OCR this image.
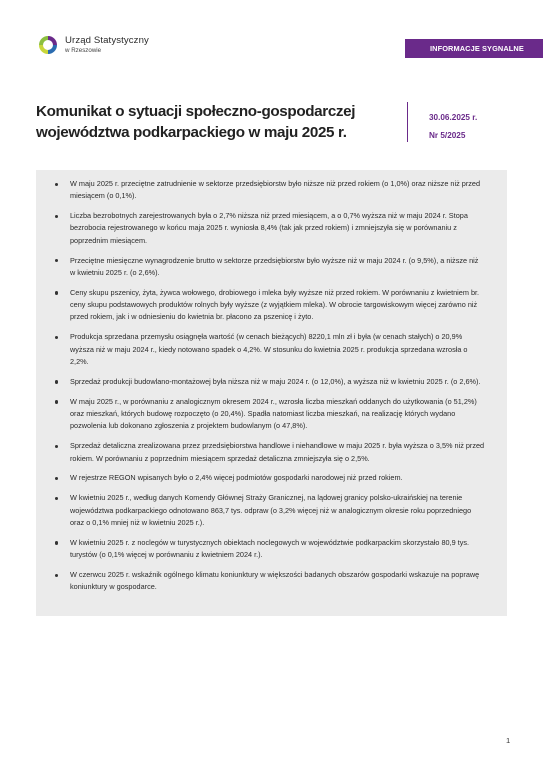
Urząd Statystyczny
w Rzeszowie	INFORMACJE SYGNALNE
Komunikat o sytuacji społeczno-gospodarczej
województwa podkarpackiego w maju 2025 r.
30.06.2025 r.
Nr 5/2025
W maju 2025 r. przeciętne zatrudnienie w sektorze przedsiębiorstw było niższe niż przed rokiem (o 1,0%) oraz niższe niż przed miesiącem (o 0,1%).
Liczba bezrobotnych zarejestrowanych była o 2,7% niższa niż przed miesiącem, a o 0,7% wyższa niż w maju 2024 r. Stopa bezrobocia rejestrowanego w końcu maja 2025 r. wyniosła 8,4% (tak jak przed rokiem) i zmniejszyła się w porównaniu z poprzednim miesiącem.
Przeciętne miesięczne wynagrodzenie brutto w sektorze przedsiębiorstw było wyższe niż w maju 2024 r. (o 9,5%), a niższe niż w kwietniu 2025 r. (o 2,6%).
Ceny skupu pszenicy, żyta, żywca wołowego, drobiowego i mleka były wyższe niż przed rokiem. W porównaniu z kwietniem br. ceny skupu podstawowych produktów rolnych były wyższe (z wyjątkiem mleka). W obrocie targowiskowym więcej zarówno niż przed rokiem, jak i w odniesieniu do kwietnia br. płacono za pszenicę i żyto.
Produkcja sprzedana przemysłu osiągnęła wartość (w cenach bieżących) 8220,1 mln zł i była (w cenach stałych) o 20,9% wyższa niż w maju 2024 r., kiedy notowano spadek o 4,2%. W stosunku do kwietnia 2025 r. produkcja sprzedana wzrosła o 2,2%.
Sprzedaż produkcji budowlano-montażowej była niższa niż w maju 2024 r. (o 12,0%), a wyższa niż w kwietniu 2025 r. (o 2,6%).
W maju 2025 r., w porównaniu z analogicznym okresem 2024 r., wzrosła liczba mieszkań oddanych do użytkowania (o 51,2%) oraz mieszkań, których budowę rozpoczęto (o 20,4%). Spadła natomiast liczba mieszkań, na realizację których wydano pozwolenia lub dokonano zgłoszenia z projektem budowlanym (o 47,8%).
Sprzedaż detaliczna zrealizowana przez przedsiębiorstwa handlowe i niehandlowe w maju 2025 r. była wyższa o 3,5% niż przed rokiem. W porównaniu z poprzednim miesiącem sprzedaż detaliczna zmniejszyła się o 2,5%.
W rejestrze REGON wpisanych było o 2,4% więcej podmiotów gospodarki narodowej niż przed rokiem.
W kwietniu 2025 r., według danych Komendy Głównej Straży Granicznej, na lądowej granicy polsko-ukraińskiej na terenie województwa podkarpackiego odnotowano 863,7 tys. odpraw (o 3,2% więcej niż w analogicznym okresie roku poprzedniego oraz o 0,1% mniej niż w kwietniu 2025 r.).
W kwietniu 2025 r. z noclegów w turystycznych obiektach noclegowych w województwie podkarpackim skorzystało 80,9 tys. turystów (o 0,1% więcej w porównaniu z kwietniem 2024 r.).
W czerwcu 2025 r. wskaźnik ogólnego klimatu koniunktury w większości badanych obszarów gospodarki wskazuje na poprawę koniunktury w gospodarce.
1
